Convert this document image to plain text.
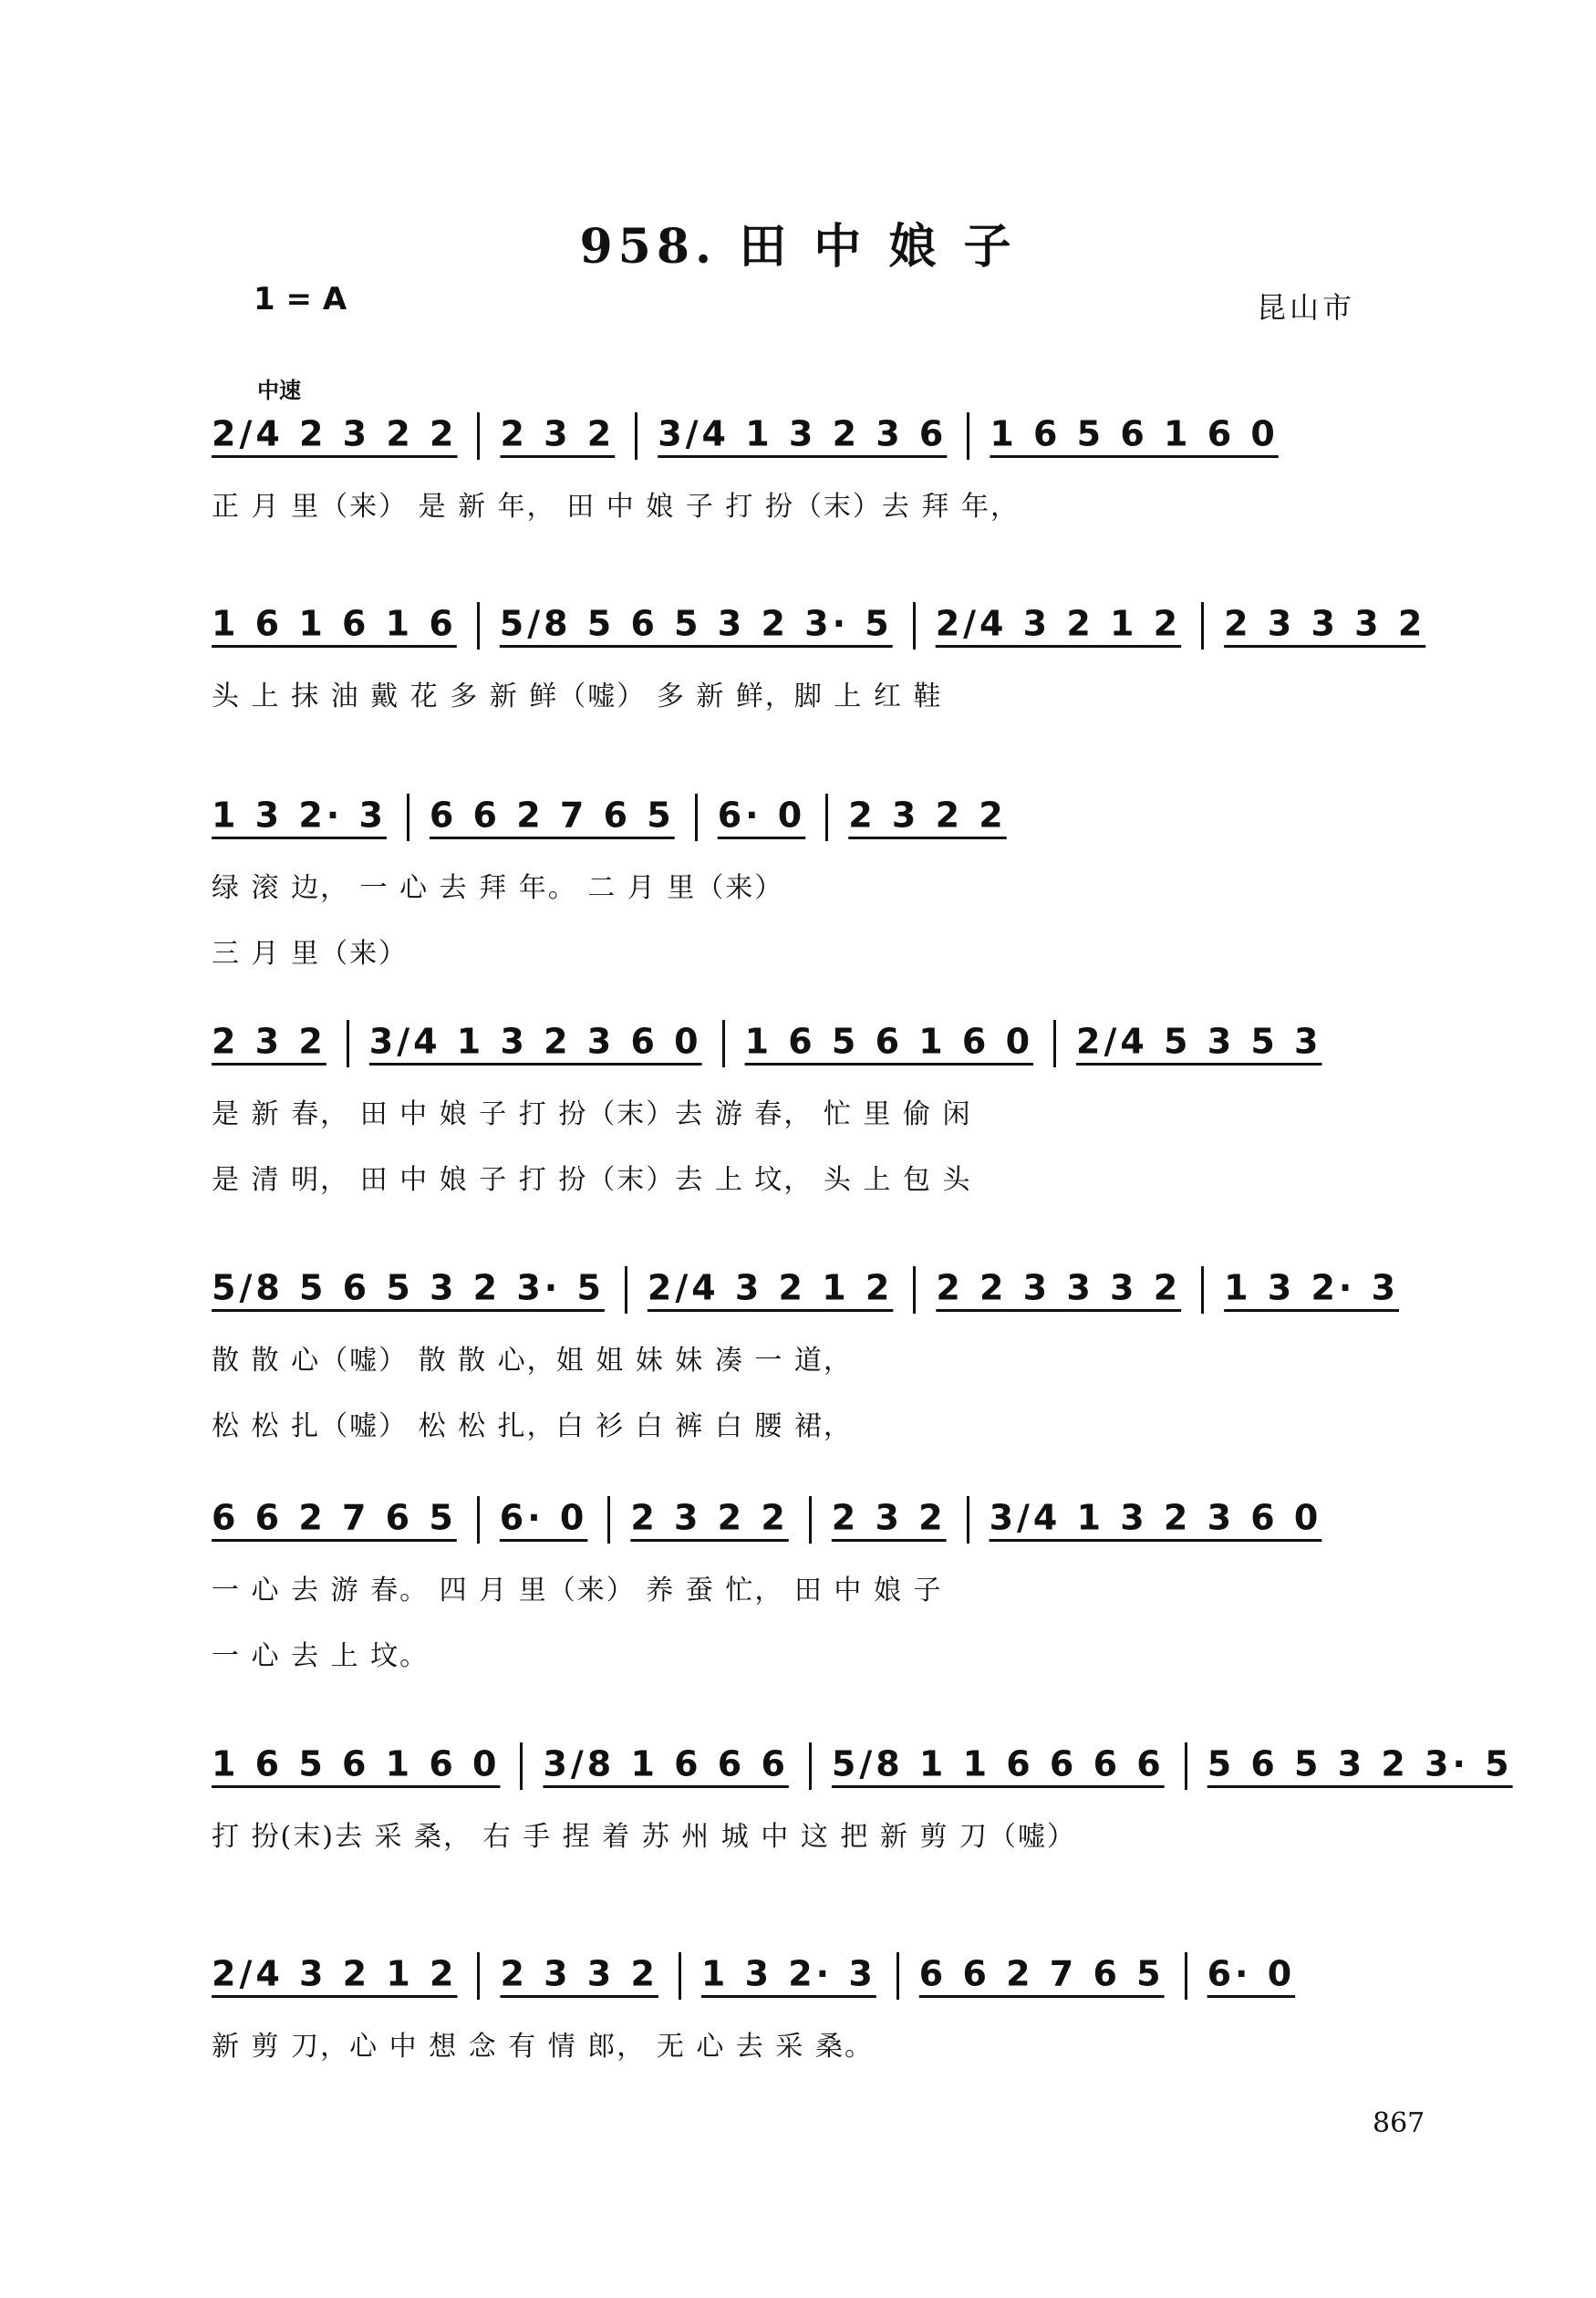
958. 田 中 娘 子
1 = A	昆山市
中速
2/4 2 3 2 2 2 3 2 3/4 1 3 2 3 6 1 6 5 6 1 6 0
正 月 里（来） 是 新 年， 田 中 娘 子 打 扮（末）去 拜 年，
1 6 1 6 1 6 5/8 5 6 5 3 2 3· 5 2/4 3 2 1 2 2 3 3 3 2
头 上 抹 油 戴 花 多 新 鲜（嘘） 多 新 鲜，脚 上 红 鞋
1 3 2· 3 6 6 2 7 6 5 6· 0 2 3 2 2
绿 滚 边， 一 心 去 拜 年。 二 月 里（来）
三 月 里（来）
2 3 2 3/4 1 3 2 3 6 0 1 6 5 6 1 6 0 2/4 5 3 5 3
是 新 春， 田 中 娘 子 打 扮（末）去 游 春， 忙 里 偷 闲
是 清 明， 田 中 娘 子 打 扮（末）去 上 坟， 头 上 包 头
5/8 5 6 5 3 2 3· 5 2/4 3 2 1 2 2 2 3 3 3 2 1 3 2· 3
散 散 心（嘘） 散 散 心，姐 姐 妹 妹 凑 一 道，
松 松 扎（嘘） 松 松 扎，白 衫 白 裤 白 腰 裙，
6 6 2 7 6 5 6· 0 2 3 2 2 2 3 2 3/4 1 3 2 3 6 0
一 心 去 游 春。 四 月 里（来） 养 蚕 忙， 田 中 娘 子
一 心 去 上 坟。
1 6 5 6 1 6 0 3/8 1 6 6 6 5/8 1 1 6 6 6 6 5 6 5 3 2 3· 5
打 扮(末)去 采 桑， 右 手 捏 着 苏 州 城 中 这 把 新 剪 刀（嘘）
2/4 3 2 1 2 2 3 3 2 1 3 2· 3 6 6 2 7 6 5 6· 0
新 剪 刀，心 中 想 念 有 情 郎， 无 心 去 采 桑。
867
